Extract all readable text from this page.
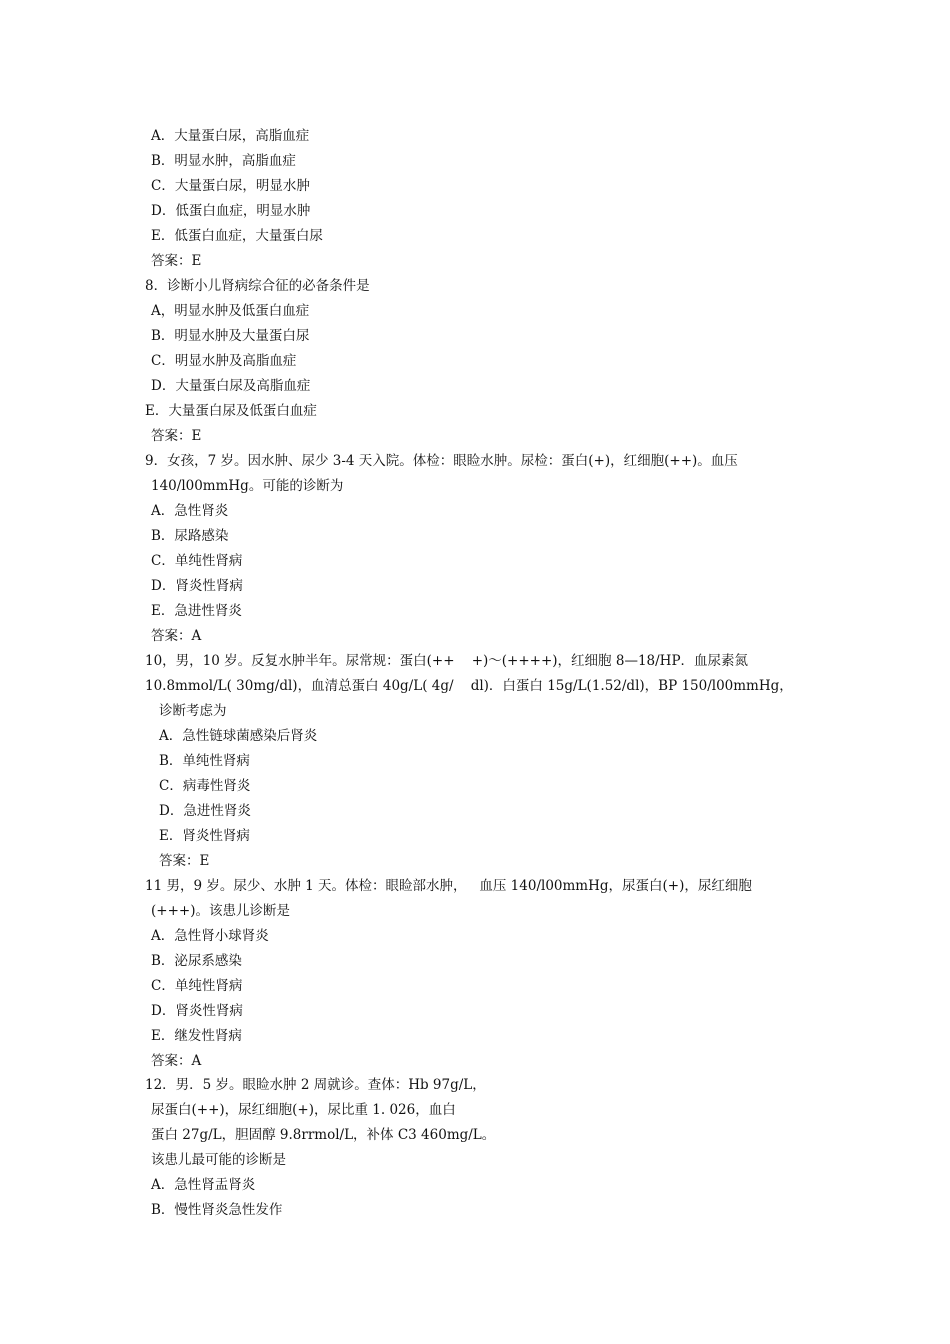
A．大量蛋白尿，高脂血症
B．明显水肿，高脂血症
C．大量蛋白尿，明显水肿
D．低蛋白血症，明显水肿
E．低蛋白血症，大量蛋白尿
答案：E
8．诊断小儿肾病综合征的必备条件是
A，明显水肿及低蛋白血症
B．明显水肿及大量蛋白尿
C．明显水肿及高脂血症
D．大量蛋白尿及高脂血症
E．大量蛋白尿及低蛋白血症
答案：E
9．女孩，7 岁。因水肿、尿少 3-4 天入院。体检：眼睑水肿。尿检：蛋白(+)，红细胞(++)。血压
140/l00mmHg。可能的诊断为
A．急性肾炎
B．尿路感染
C．单纯性肾病
D．肾炎性肾病
E．急进性肾炎
答案：A
10，男，10 岁。反复水肿半年。尿常规：蛋白(++    +)～(++++)，红细胞 8—18/HP．血尿素氮
10.8mmol/L( 30mg/dl)，血清总蛋白 40g/L( 4g/    dl)．白蛋白 15g/L(1.52/dl)，BP 150/l00mmHg，
诊断考虑为
A．急性链球菌感染后肾炎
B．单纯性肾病
C．病毒性肾炎
D．急进性肾炎
E．肾炎性肾病
答案：E
11 男，9 岁。尿少、水肿 1 天。体检：眼睑部水肿，   血压 140/l00mmHg，尿蛋白(+)，尿红细胞
(+++)。该患儿诊断是
A．急性肾小球肾炎
B．泌尿系感染
C．单纯性肾病
D．肾炎性肾病
E．继发性肾病
答案：A
12．男．5 岁。眼睑水肿 2 周就诊。查体：Hb 97g/L，
尿蛋白(++)，尿红细胞(+)，尿比重 1. 026，血白
蛋白 27g/L，胆固醇 9.8rrmol/L，补体 C3 460mg/L。
该患儿最可能的诊断是
A．急性肾盂肾炎
B．慢性肾炎急性发作
